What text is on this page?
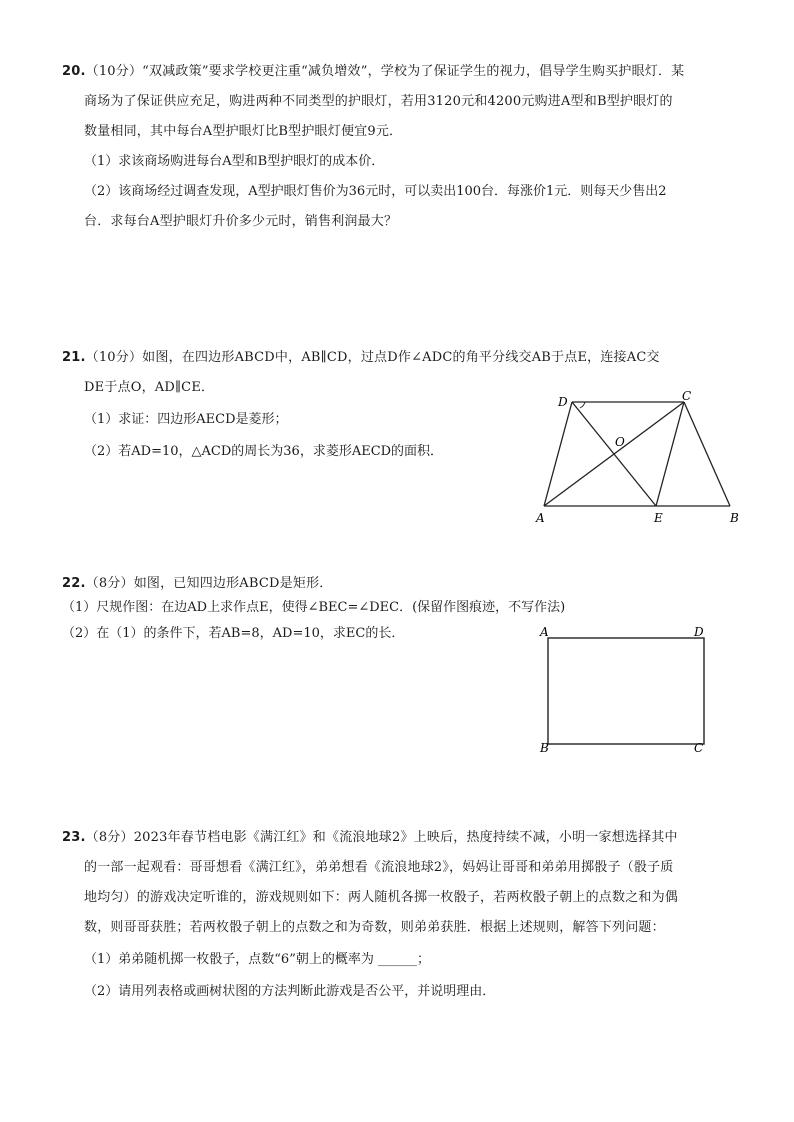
20.（10分）“双减政策”要求学校更注重“减负增效”，学校为了保证学生的视力，倡导学生购买护眼灯．某
商场为了保证供应充足，购进两种不同类型的护眼灯，若用3120元和4200元购进A型和B型护眼灯的
数量相同，其中每台A型护眼灯比B型护眼灯便宜9元．
（1）求该商场购进每台A型和B型护眼灯的成本价．
（2）该商场经过调查发现，A型护眼灯售价为36元时，可以卖出100台．每涨价1元．则每天少售出2
台．求每台A型护眼灯升价多少元时，销售利润最大？
21.（10分）如图，在四边形ABCD中，AB∥CD，过点D作∠ADC的角平分线交AB于点E，连接AC交
DE于点O，AD∥CE．
（1）求证：四边形AECD是菱形；
（2）若AD=10，△ACD的周长为36，求菱形AECD的面积．
D	C
O
A	E	B
22.（8分）如图，已知四边形ABCD是矩形．
（1）尺规作图：在边AD上求作点E，使得∠BEC=∠DEC．(保留作图痕迹，不写作法)
（2）在（1）的条件下，若AB=8，AD=10，求EC的长．	A	D
B	C
23.（8分）2023年春节档电影《满江红》和《流浪地球2》上映后，热度持续不减，小明一家想选择其中
的一部一起观看：哥哥想看《满江红》，弟弟想看《流浪地球2》，妈妈让哥哥和弟弟用掷骰子（骰子质
地均匀）的游戏决定听谁的，游戏规则如下：两人随机各掷一枚骰子，若两枚骰子朝上的点数之和为偶
数，则哥哥获胜；若两枚骰子朝上的点数之和为奇数，则弟弟获胜．根据上述规则，解答下列问题：
（1）弟弟随机掷一枚骰子，点数“6”朝上的概率为 ______；
（2）请用列表格或画树状图的方法判断此游戏是否公平，并说明理由．
